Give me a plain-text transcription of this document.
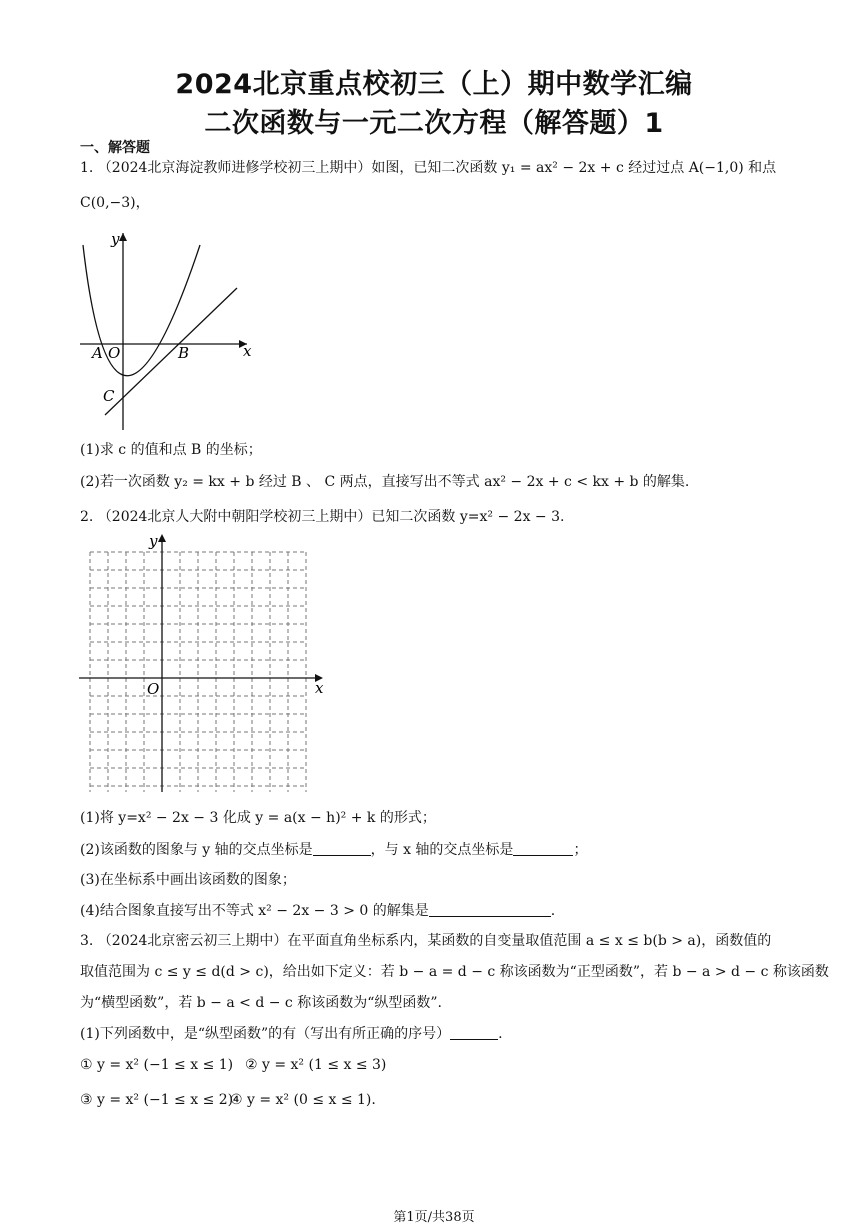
2024北京重点校初三（上）期中数学汇编
二次函数与一元二次方程（解答题）1
一、解答题
1. （2024北京海淀教师进修学校初三上期中）如图，已知二次函数 y₁ = ax² − 2x + c 经过过点 A(−1,0) 和点
C(0,−3)，
y
x
A O	B
C
(1)求 c 的值和点 B 的坐标；
(2)若一次函数 y₂ = kx + b 经过 B 、 C 两点，直接写出不等式 ax² − 2x + c < kx + b 的解集.
2. （2024北京人大附中朝阳学校初三上期中）已知二次函数 y=x² − 2x − 3.
y
x
O
(1)将 y=x² − 2x − 3 化成 y = a(x − h)² + k 的形式；
(2)该函数的图象与 y 轴的交点坐标是	，与 x 轴的交点坐标是	；
(3)在坐标系中画出该函数的图象；
(4)结合图象直接写出不等式 x² − 2x − 3 > 0 的解集是	.
3. （2024北京密云初三上期中）在平面直角坐标系内，某函数的自变量取值范围 a ≤ x ≤ b(b > a)，函数值的
取值范围为 c ≤ y ≤ d(d > c)，给出如下定义：若 b − a = d − c 称该函数为“正型函数”，若 b − a > d − c 称该函数
为“横型函数”，若 b − a < d − c 称该函数为“纵型函数”.
(1)下列函数中，是“纵型函数”的有（写出有所正确的序号）	.
① y = x² (−1 ≤ x ≤ 1) ② y = x² (1 ≤ x ≤ 3)
③ y = x² (−1 ≤ x ≤ 2)
④ y = x² (0 ≤ x ≤ 1).
第1页/共38页
